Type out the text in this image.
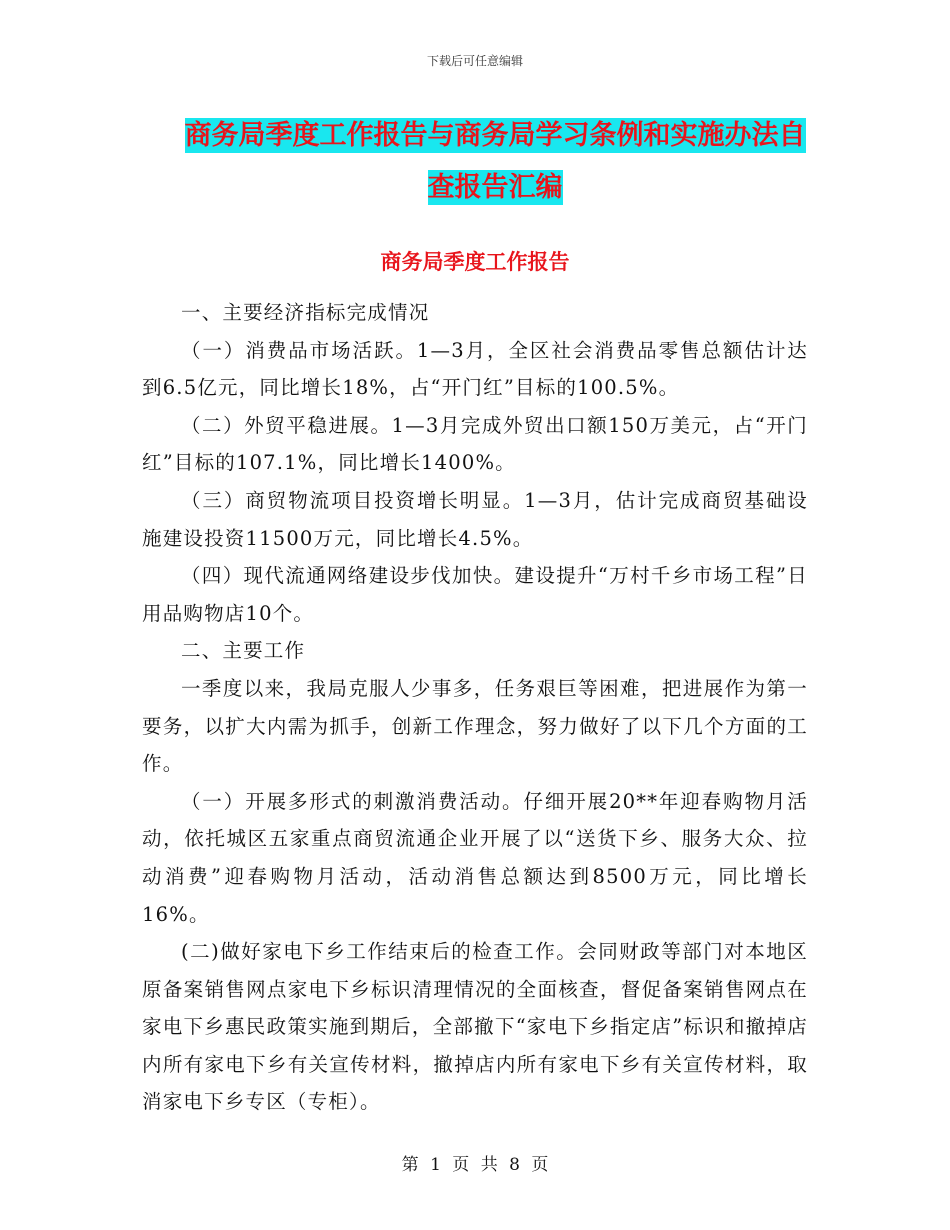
下载后可任意编辑
商务局季度工作报告与商务局学习条例和实施办法自
查报告汇编
商务局季度工作报告

一、主要经济指标完成情况

（一）消费品市场活跃。1—3月，全区社会消费品零售总额估计达到6.5亿元，同比增长18%，占“开门红”目标的100.5%。

（二）外贸平稳进展。1—3月完成外贸出口额150万美元，占“开门红”目标的107.1%，同比增长1400%。

（三）商贸物流项目投资增长明显。1—3月，估计完成商贸基础设施建设投资11500万元，同比增长4.5%。

（四）现代流通网络建设步伐加快。建设提升“万村千乡市场工程”日用品购物店10个。

二、主要工作

一季度以来，我局克服人少事多，任务艰巨等困难，把进展作为第一要务，以扩大内需为抓手，创新工作理念，努力做好了以下几个方面的工作。

（一）开展多形式的刺激消费活动。仔细开展20**年迎春购物月活动，依托城区五家重点商贸流通企业开展了以“送货下乡、服务大众、拉动消费”迎春购物月活动，活动消售总额达到8500万元，同比增长16%。

(二)做好家电下乡工作结束后的检查工作。会同财政等部门对本地区原备案销售网点家电下乡标识清理情况的全面核查，督促备案销售网点在家电下乡惠民政策实施到期后，全部撤下“家电下乡指定店”标识和撤掉店内所有家电下乡有关宣传材料，撤掉店内所有家电下乡有关宣传材料，取消家电下乡专区（专柜）。

第 1 页 共 8 页
